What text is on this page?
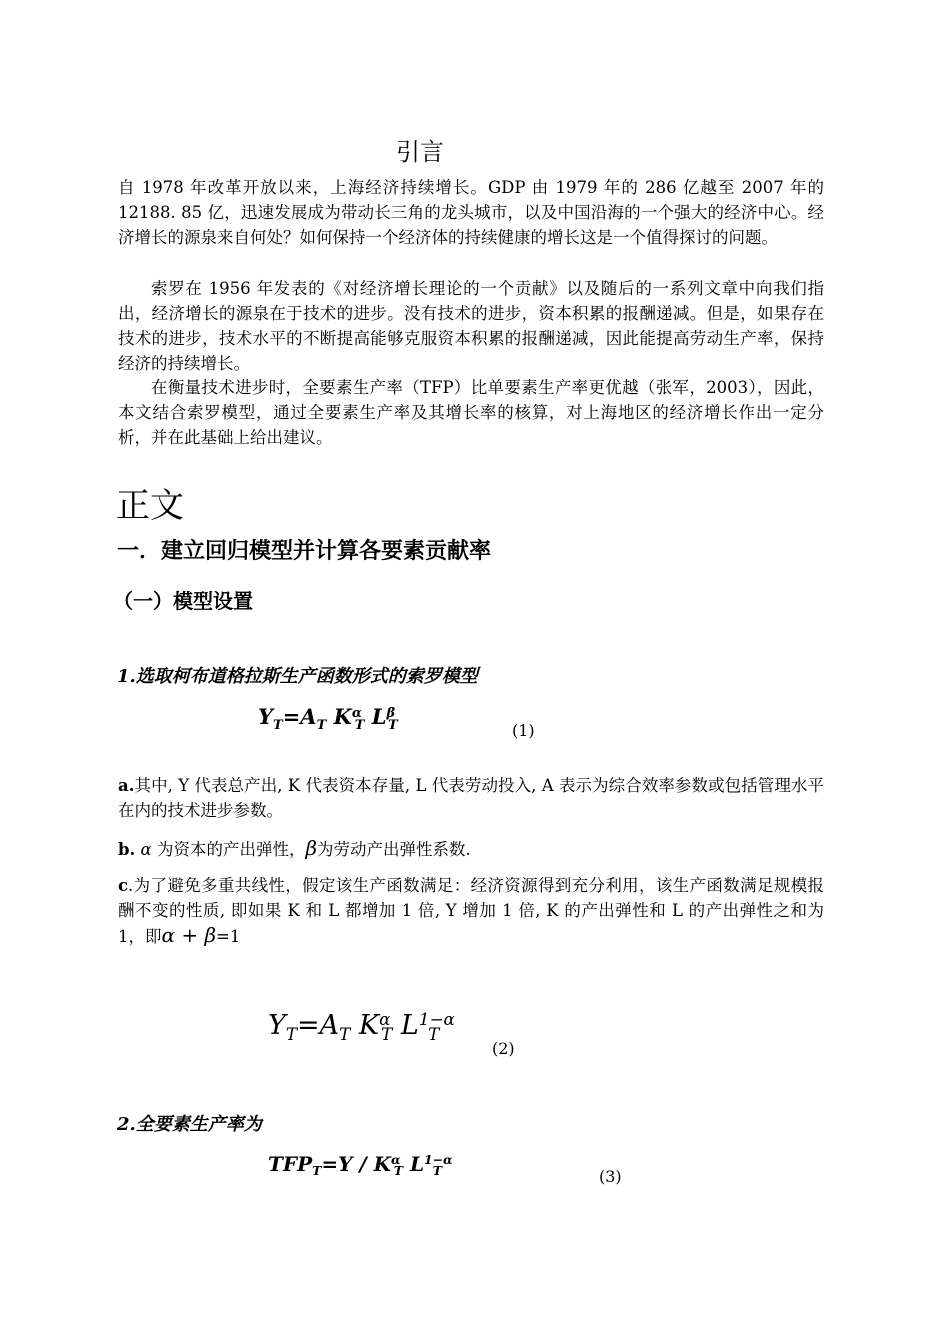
引言

自 1978 年改革开放以来，上海经济持续增长。GDP 由 1979 年的 286 亿越至 2007 年的 12188. 85 亿，迅速发展成为带动长三角的龙头城市，以及中国沿海的一个强大的经济中心。经济增长的源泉来自何处？如何保持一个经济体的持续健康的增长这是一个值得探讨的问题。

索罗在 1956 年发表的《对经济增长理论的一个贡献》以及随后的一系列文章中向我们指出，经济增长的源泉在于技术的进步。没有技术的进步，资本积累的报酬递减。但是，如果存在技术的进步，技术水平的不断提高能够克服资本积累的报酬递减，因此能提高劳动生产率，保持经济的持续增长。

在衡量技术进步时，全要素生产率（TFP）比单要素生产率更优越（张军，2003），因此，本文结合索罗模型，通过全要素生产率及其增长率的核算，对上海地区的经济增长作出一定分析，并在此基础上给出建议。

正文
一．建立回归模型并计算各要素贡献率
（一）模型设置
1.选取柯布道格拉斯生产函数形式的索罗模型
$Y_T=A_T$ $K^\alpha_T$ $L^\beta_T$	(1)

a.其中, Y 代表总产出, K 代表资本存量, L 代表劳动投入, A 表示为综合效率参数或包括管理水平在内的技术进步参数。

b. α 为资本的产出弹性，β为劳动产出弹性系数.

c.为了避免多重共线性，假定该生产函数满足：经济资源得到充分利用，该生产函数满足规模报酬不变的性质, 即如果 K 和 L 都增加 1 倍, Y 增加 1 倍, K 的产出弹性和 L 的产出弹性之和为 1，即α + β=1

$Y_T=A_T$ $K^\alpha_T$ $L^{1-\alpha}_T$
(2)
2.全要素生产率为
$TFP_T=Y / K^\alpha_T$ $L^{1-\alpha}_T$	(3)
